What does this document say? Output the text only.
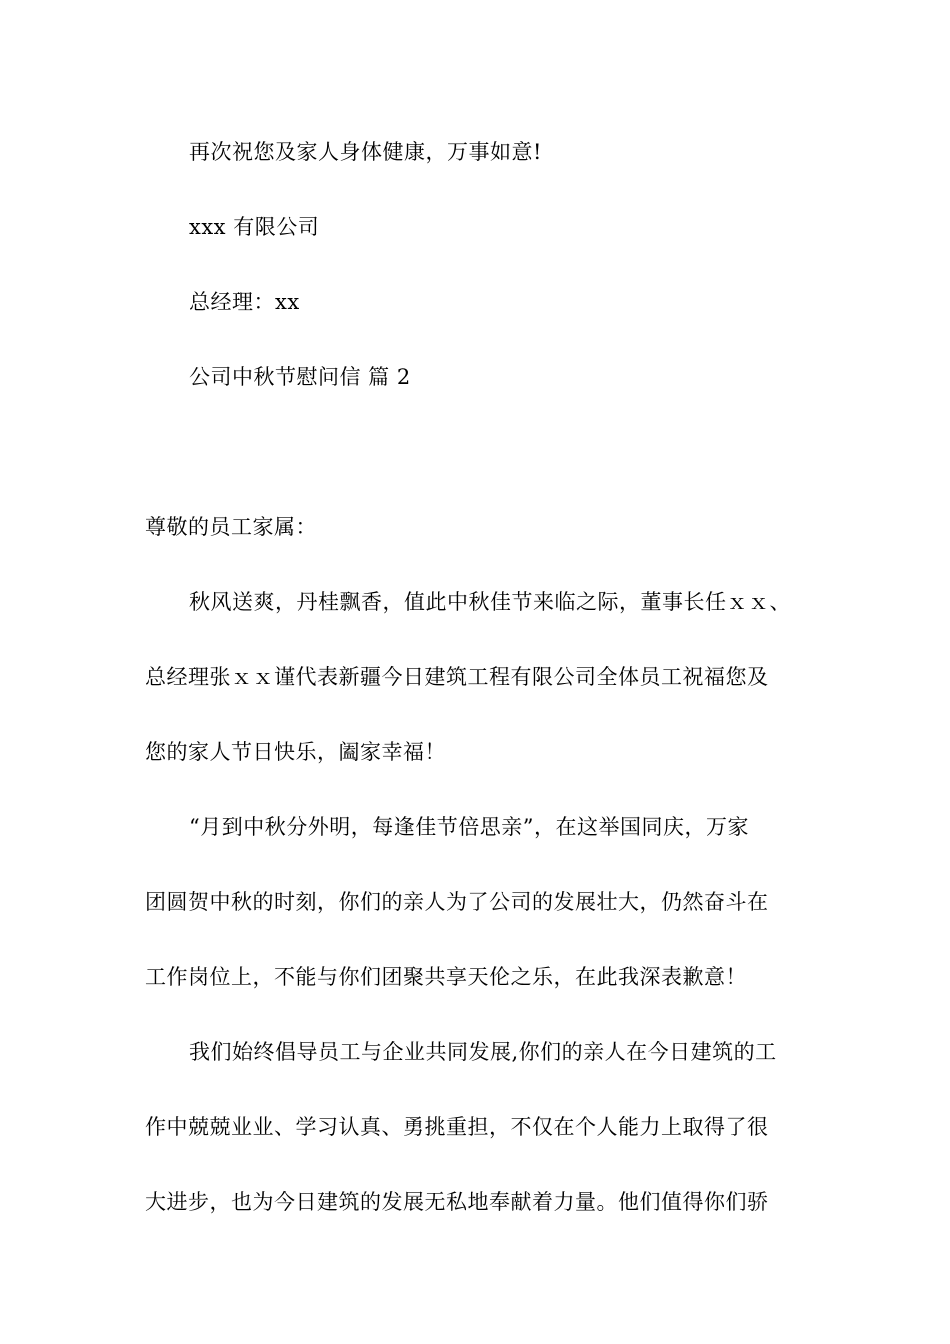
再次祝您及家人身体健康，万事如意!

xxx 有限公司

总经理：xx

公司中秋节慰问信 篇 2

尊敬的员工家属：

秋风送爽，丹桂飘香，值此中秋佳节来临之际，董事长任ｘｘ、

总经理张ｘｘ谨代表新疆今日建筑工程有限公司全体员工祝福您及

您的家人节日快乐，阖家幸福！

“月到中秋分外明，每逢佳节倍思亲”，在这举国同庆，万家

团圆贺中秋的时刻，你们的亲人为了公司的发展壮大，仍然奋斗在

工作岗位上，不能与你们团聚共享天伦之乐，在此我深表歉意！

我们始终倡导员工与企业共同发展,你们的亲人在今日建筑的工

作中兢兢业业、学习认真、勇挑重担，不仅在个人能力上取得了很

大进步，也为今日建筑的发展无私地奉献着力量。他们值得你们骄
